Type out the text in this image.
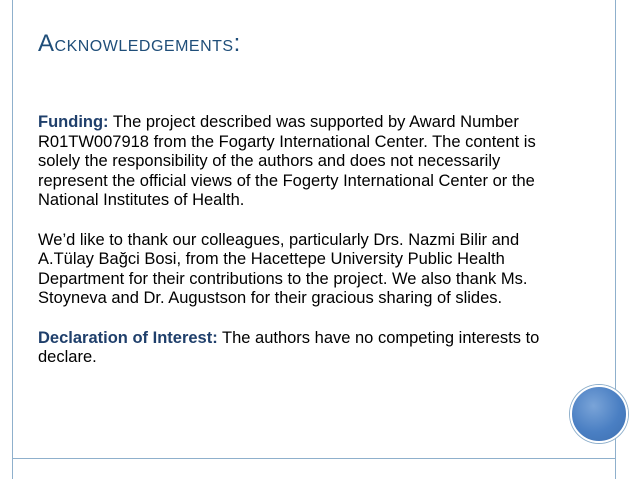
ACKNOWLEDGEMENTS:

Funding: The project described was supported by Award Number R01TW007918 from the Fogarty International Center. The content is solely the responsibility of the authors and does not necessarily represent the official views of the Fogerty International Center or the National Institutes of Health.

We’d like to thank our colleagues, particularly Drs. Nazmi Bilir and A.Tülay Bağci Bosi, from the Hacettepe University Public Health Department for their contributions to the project. We also thank Ms. Stoyneva and Dr. Augustson for their gracious sharing of slides.

Declaration of Interest: The authors have no competing interests to declare.
